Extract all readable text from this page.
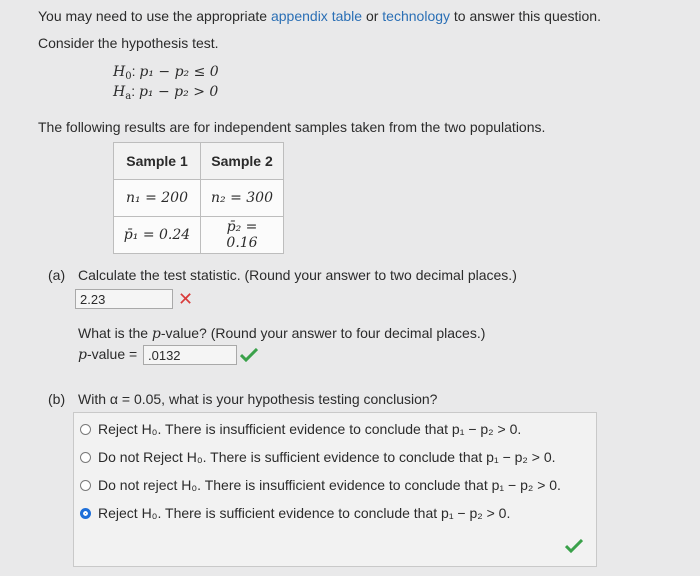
You may need to use the appropriate appendix table or technology to answer this question.
Consider the hypothesis test.
$H_0$: p₁ − p₂ ≤ 0
$H_a$: p₁ − p₂ > 0
The following results are for independent samples taken from the two populations.
Sample 1	Sample 2
n₁ = 200	n₂ = 300
p̄₁ = 0.24	p̄₂ = 0.16
(a) Calculate the test statistic. (Round your answer to two decimal places.)
2.23	✕
What is the p-value? (Round your answer to four decimal places.)
p-value = .0132
(b) With α = 0.05, what is your hypothesis testing conclusion?
Reject H₀. There is insufficient evidence to conclude that p₁ − p₂ > 0.
Do not Reject H₀. There is sufficient evidence to conclude that p₁ − p₂ > 0.
Do not reject H₀. There is insufficient evidence to conclude that p₁ − p₂ > 0.
Reject H₀. There is sufficient evidence to conclude that p₁ − p₂ > 0.
